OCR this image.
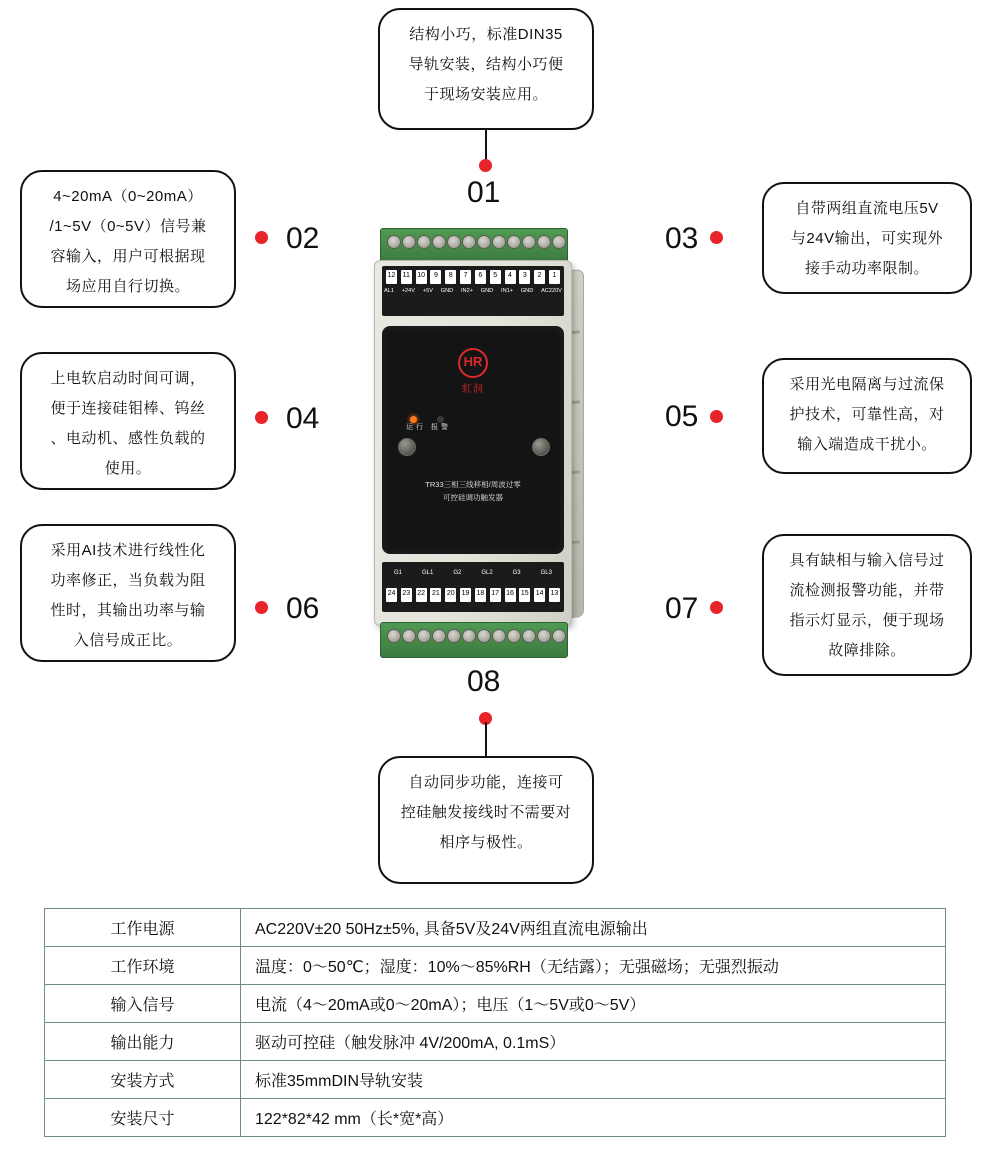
结构小巧，标准DIN35
导轨安装，结构小巧便
于现场安装应用。
01
4~20mA（0~20mA）
/1~5V（0~5V）信号兼
容输入，用户可根据现
场应用自行切换。
02
自带两组直流电压5V
与24V输出，可实现外
接手动功率限制。
03
上电软启动时间可调，
便于连接硅钼棒、钨丝
、电动机、感性负载的
使用。
04
采用光电隔离与过流保
护技术，可靠性高，对
输入端造成干扰小。
05
采用AI技术进行线性化
功率修正，当负载为阻
性时，其输出功率与输
入信号成正比。
06
具有缺相与输入信号过
流检测报警功能，并带
指示灯显示，便于现场
故障排除。
07
08
自动同步功能，连接可
控硅触发接线时不需要对
相序与极性。
12 11 10	9	8	7	6	5	4	3	2	1
AL1 +24V +5V GND IN2+ GND IN1+ GND AC220V
HR
虹润

运行 报警
TR33三相三线移相/周波过零
可控硅调功触发器
G1	GL1	G2	GL2	G3	GL3
24 23 22 21 20 19 18 17 16 15 14 13
工作电源	AC220V±20 50Hz±5%, 具备5V及24V两组直流电源输出
工作环境	温度：0～50℃；湿度：10%～85%RH（无结露）；无强磁场；无强烈振动
输入信号	电流（4～20mA或0～20mA）；电压（1～5V或0～5V）
输出能力	驱动可控硅（触发脉冲 4V/200mA, 0.1mS）
安装方式	标准35mmDIN导轨安装
安装尺寸	122*82*42 mm（长*宽*高）
